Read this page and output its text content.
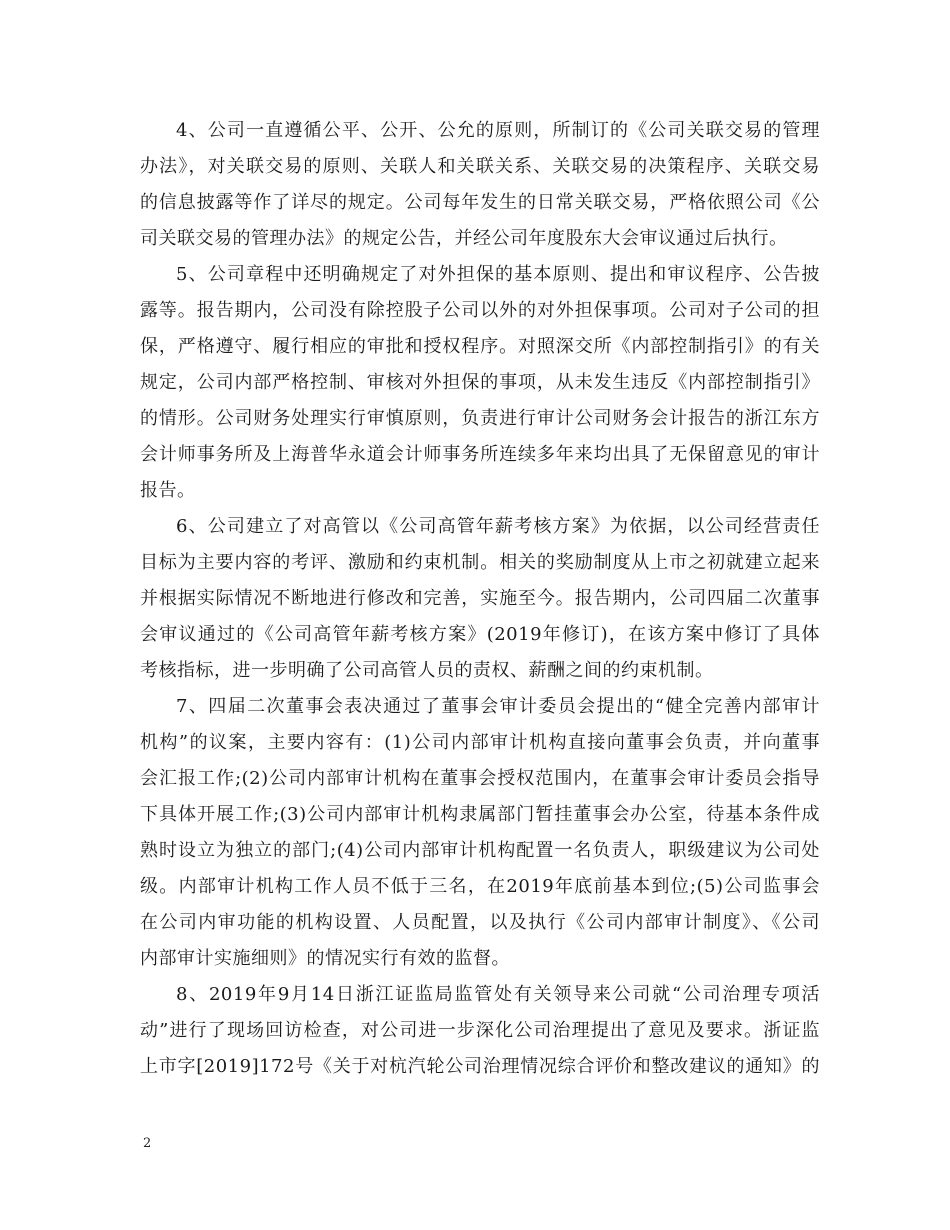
4、公司一直遵循公平、公开、公允的原则，所制订的《公司关联交易的管理
办法》，对关联交易的原则、关联人和关联关系、关联交易的决策程序、关联交易
的信息披露等作了详尽的规定。公司每年发生的日常关联交易，严格依照公司《公
司关联交易的管理办法》的规定公告，并经公司年度股东大会审议通过后执行。
5、公司章程中还明确规定了对外担保的基本原则、提出和审议程序、公告披
露等。报告期内，公司没有除控股子公司以外的对外担保事项。公司对子公司的担
保，严格遵守、履行相应的审批和授权程序。对照深交所《内部控制指引》的有关
规定，公司内部严格控制、审核对外担保的事项，从未发生违反《内部控制指引》
的情形。公司财务处理实行审慎原则，负责进行审计公司财务会计报告的浙江东方
会计师事务所及上海普华永道会计师事务所连续多年来均出具了无保留意见的审计
报告。
6、公司建立了对高管以《公司高管年薪考核方案》为依据，以公司经营责任
目标为主要内容的考评、激励和约束机制。相关的奖励制度从上市之初就建立起来
并根据实际情况不断地进行修改和完善，实施至今。报告期内，公司四届二次董事
会审议通过的《公司高管年薪考核方案》(2019年修订)，在该方案中修订了具体
考核指标，进一步明确了公司高管人员的责权、薪酬之间的约束机制。
7、四届二次董事会表决通过了董事会审计委员会提出的“健全完善内部审计
机构”的议案，主要内容有：(1)公司内部审计机构直接向董事会负责，并向董事
会汇报工作;(2)公司内部审计机构在董事会授权范围内，在董事会审计委员会指导
下具体开展工作;(3)公司内部审计机构隶属部门暂挂董事会办公室，待基本条件成
熟时设立为独立的部门;(4)公司内部审计机构配置一名负责人，职级建议为公司处
级。内部审计机构工作人员不低于三名，在2019年底前基本到位;(5)公司监事会
在公司内审功能的机构设置、人员配置，以及执行《公司内部审计制度》、《公司
内部审计实施细则》的情况实行有效的监督。
8、2019年9月14日浙江证监局监管处有关领导来公司就“公司治理专项活
动”进行了现场回访检查，对公司进一步深化公司治理提出了意见及要求。浙证监
上市字[2019]172号《关于对杭汽轮公司治理情况综合评价和整改建议的通知》的
2
